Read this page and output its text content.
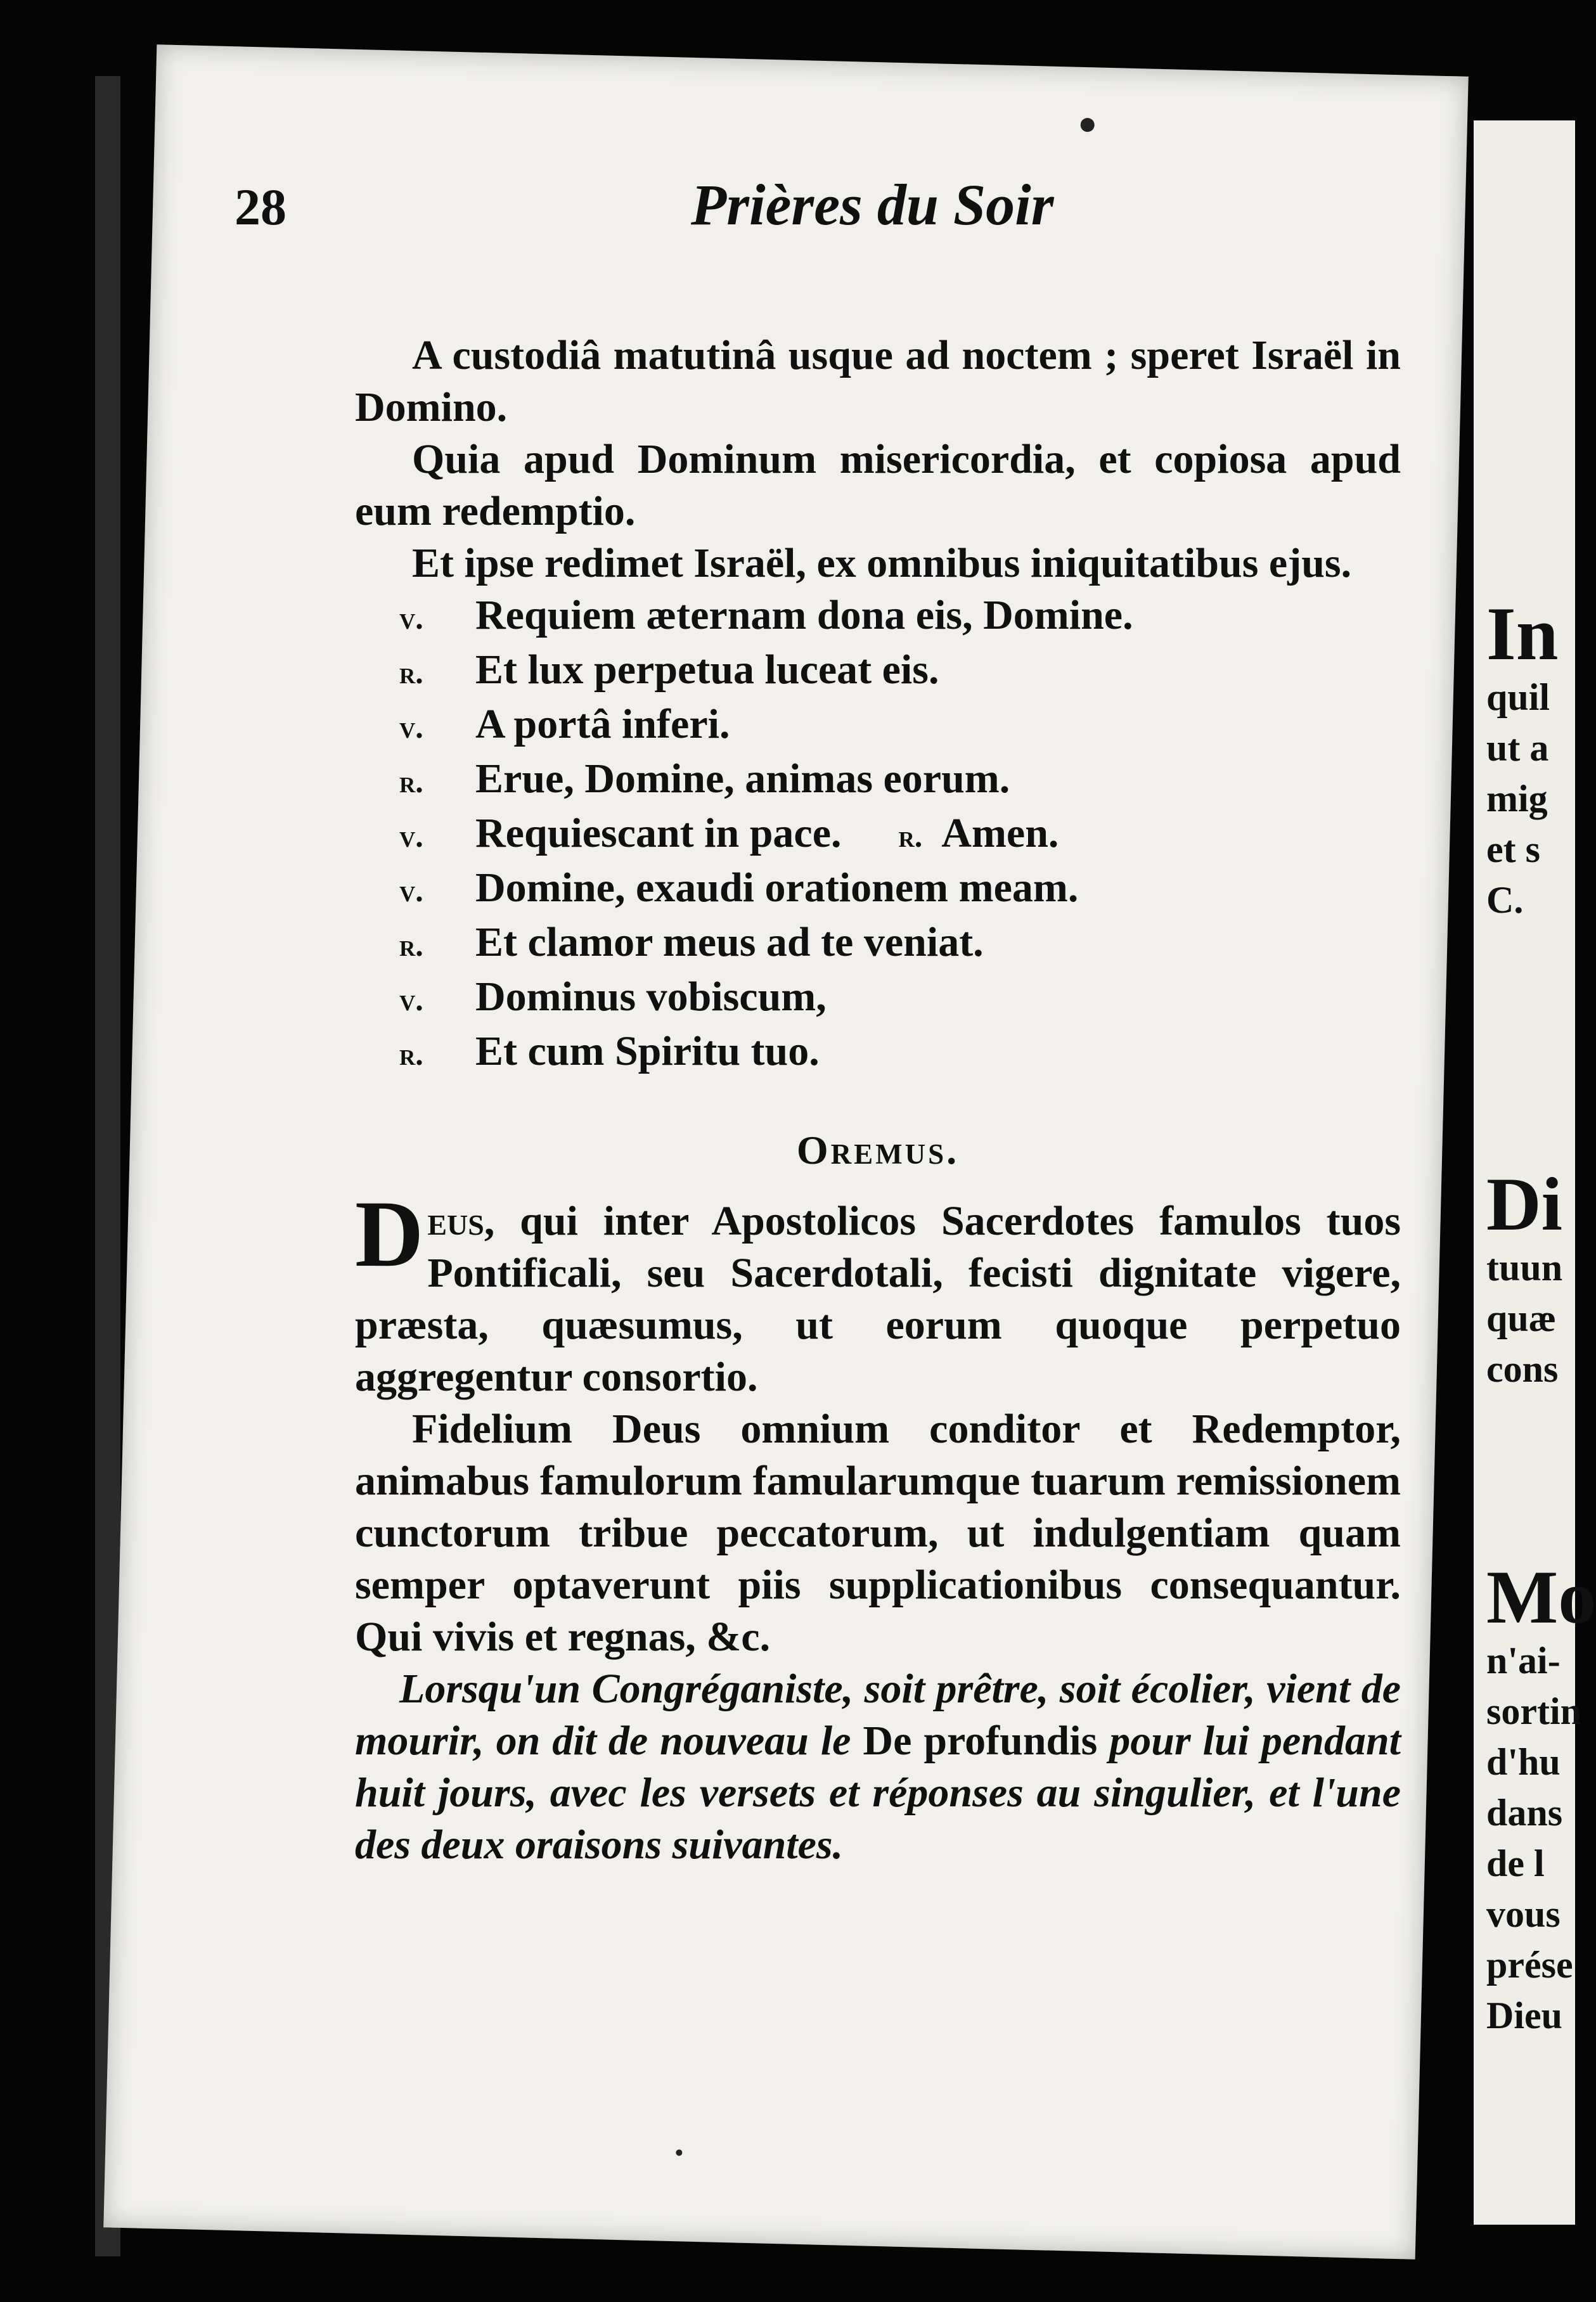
28	Prières du Soir

A custodiâ matutinâ usque ad noctem ; speret Israël in Domino.

Quia apud Dominum misericordia, et copiosa apud eum redemptio.

Et ipse redimet Israël, ex omnibus iniquitatibus ejus.

v. Requiem æternam dona eis, Domine.
r. Et lux perpetua luceat eis.
v. A portâ inferi.
r. Erue, Domine, animas eorum.
v. Requiescant in pace. r. Amen.
v. Domine, exaudi orationem meam.
r. Et clamor meus ad te veniat.
v. Dominus vobiscum,
r. Et cum Spiritu tuo.
Oremus.

Deus, qui inter Apostolicos Sacerdotes famulos tuos Pontificali, seu Sacerdotali, fecisti dignitate vigere, præsta, quæsumus, ut eorum quoque perpetuo aggregentur consortio.

Fidelium Deus omnium conditor et Redemptor, animabus famulorum famularumque tuarum remissionem cunctorum tribue peccatorum, ut indulgentiam quam semper optaverunt piis supplicationibus consequantur. Qui vivis et regnas, &c.

Lorsqu'un Congréganiste, soit prêtre, soit écolier, vient de mourir, on dit de nouveau le De profundis pour lui pendant huit jours, avec les versets et réponses au singulier, et l'une des deux oraisons suivantes.

In
quil
ut a
mig
et s
C.
Di
tuun
quæ
cons
Mo
n'ai-
sortin
d'hu
dans
de l
vous
prése
Dieu
